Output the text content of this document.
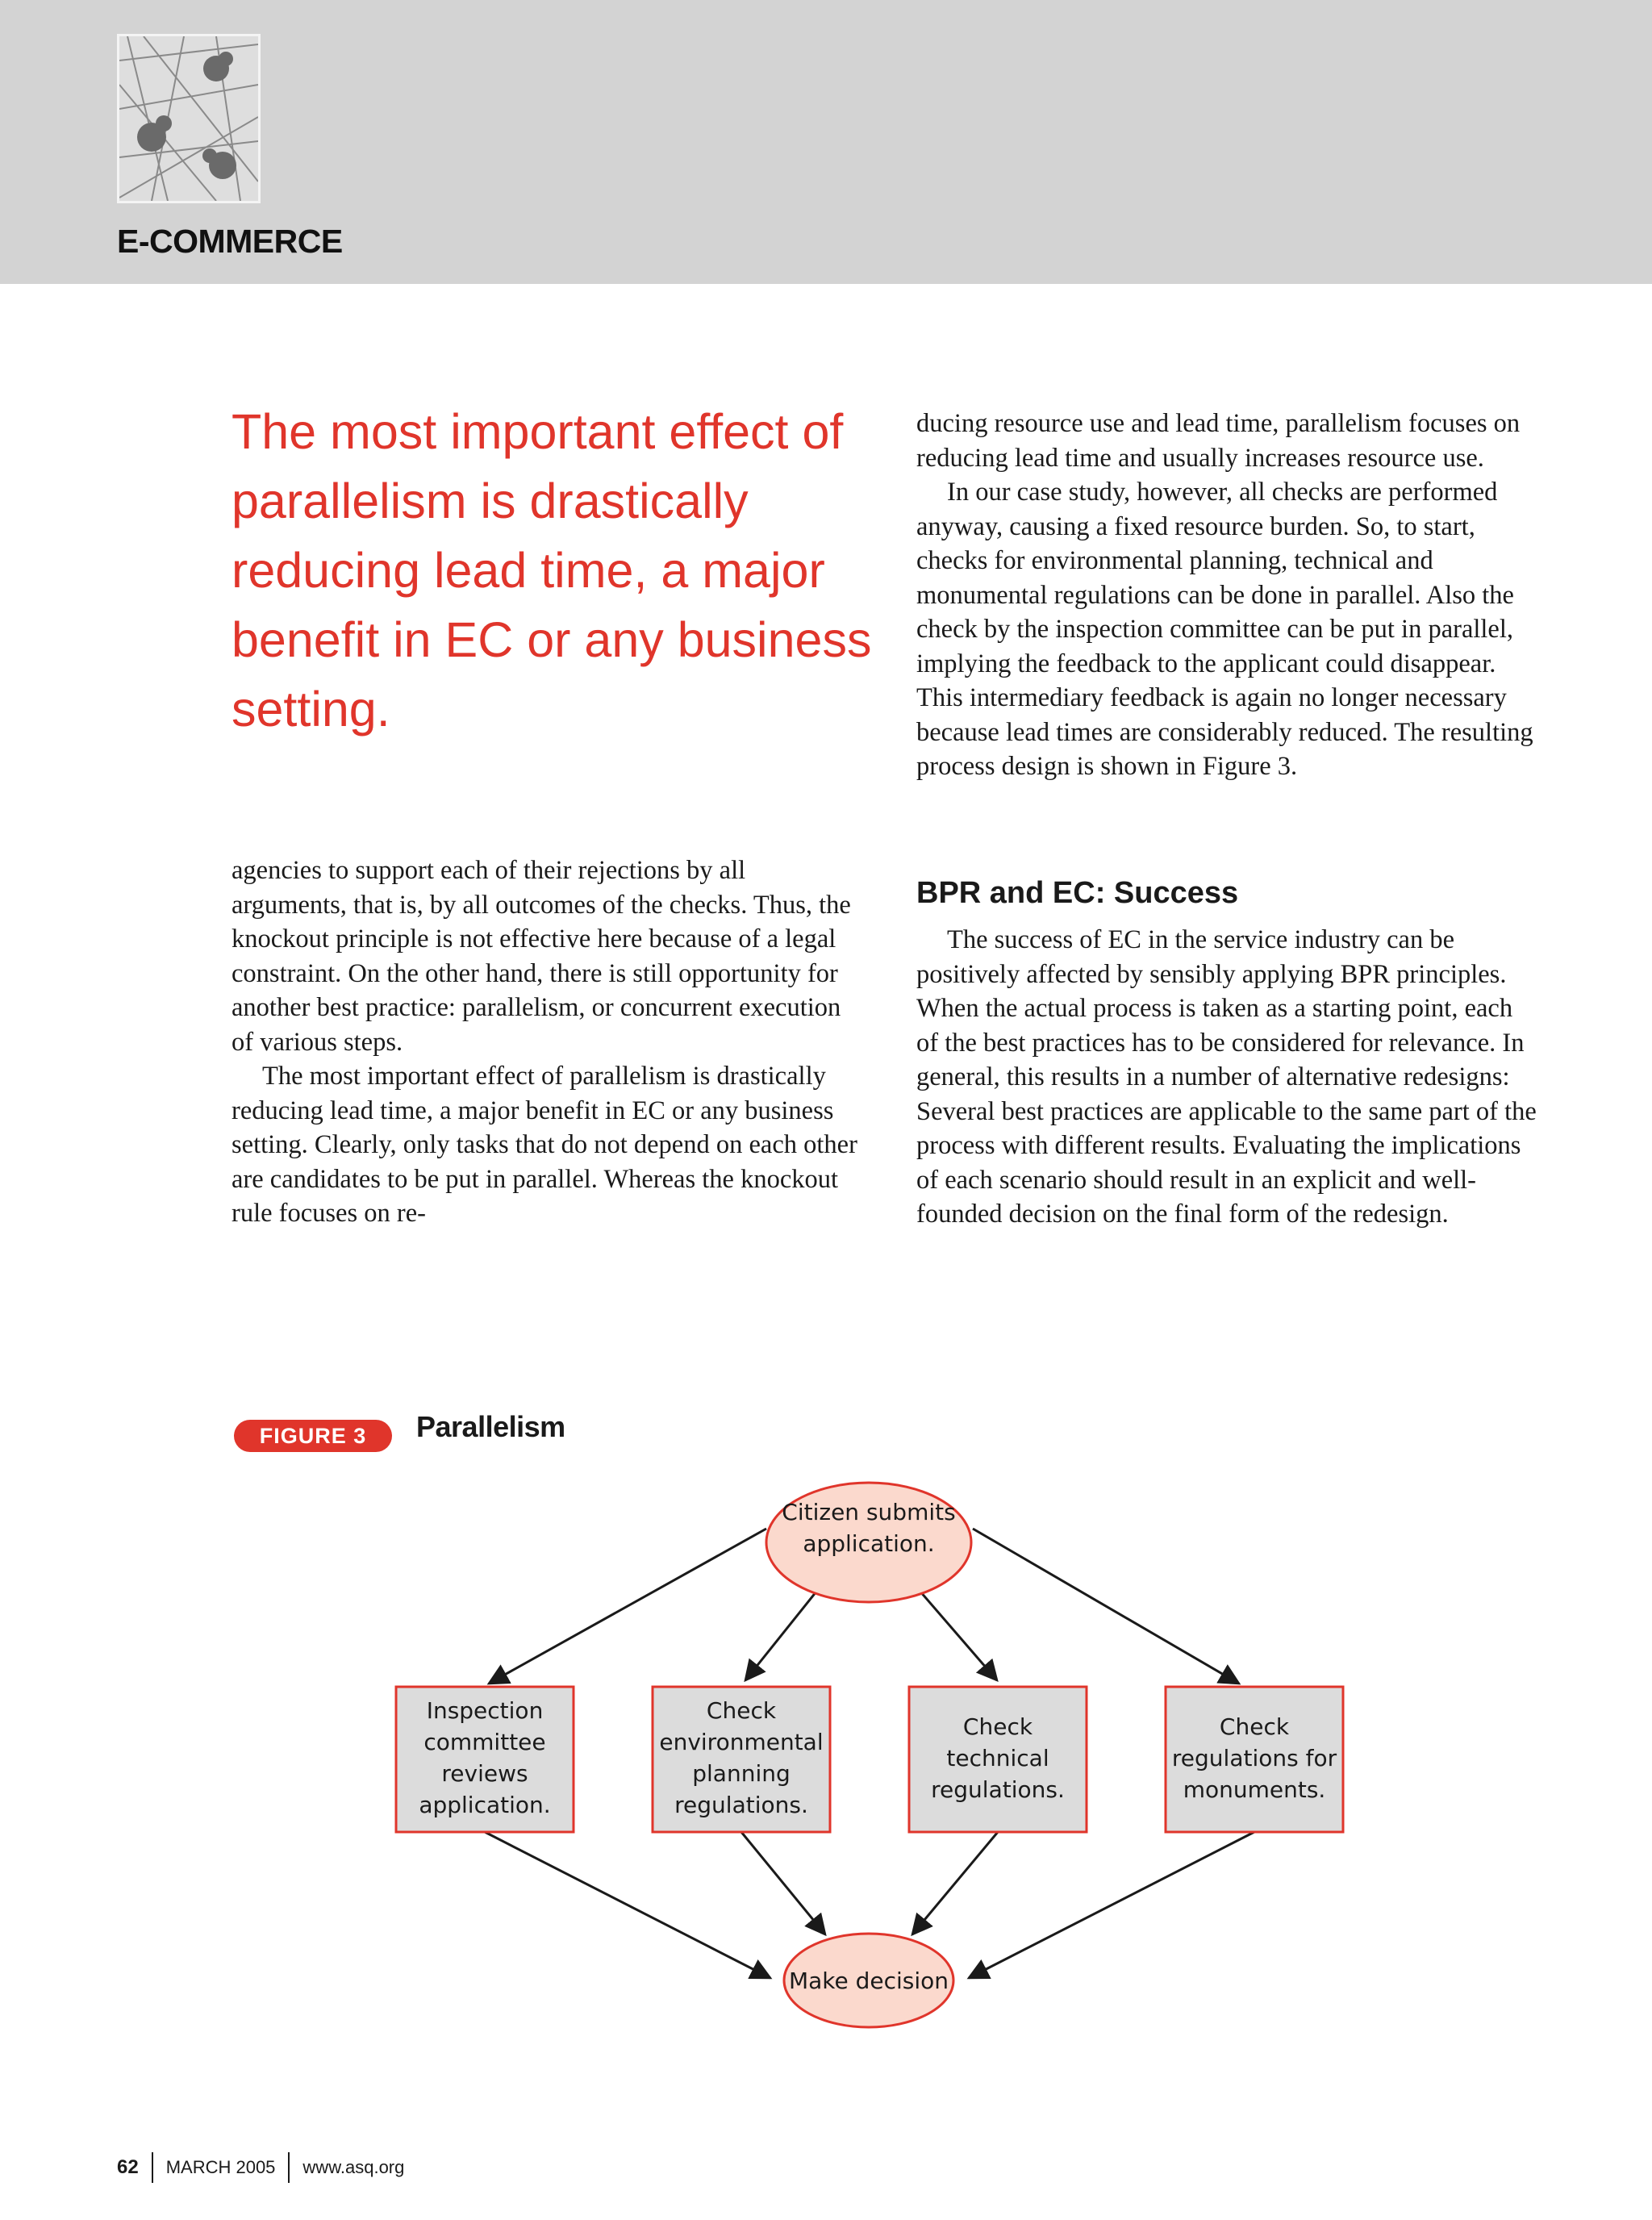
E-COMMERCE
The most important effect of parallelism is drastically reducing lead time, a major benefit in EC or any business setting.

agencies to support each of their rejections by all arguments, that is, by all outcomes of the checks. Thus, the knockout principle is not effective here because of a legal constraint. On the other hand, there is still opportunity for another best practice: parallelism, or concurrent execution of various steps.

The most important effect of parallelism is drastically reducing lead time, a major benefit in EC or any business setting. Clearly, only tasks that do not depend on each other are candidates to be put in parallel. Whereas the knockout rule focuses on re-

ducing resource use and lead time, parallelism focuses on reducing lead time and usually increases resource use.

In our case study, however, all checks are performed anyway, causing a fixed resource burden. So, to start, checks for environmental planning, technical and monumental regulations can be done in parallel. Also the check by the inspection committee can be put in parallel, implying the feedback to the applicant could disappear. This intermediary feedback is again no longer necessary because lead times are considerably reduced. The resulting process design is shown in Figure 3.

BPR and EC: Success

The success of EC in the service industry can be positively affected by sensibly applying BPR principles. When the actual process is taken as a starting point, each of the best practices has to be considered for relevance. In general, this results in a number of alternative redesigns: Several best practices are applicable to the same part of the process with different results. Evaluating the implications of each scenario should result in an explicit and well-founded decision on the final form of the redesign.

FIGURE 3	Parallelism
Citizen submits
application.
Inspection
committee
reviews
application.
Check
environmental
planning
regulations.
Check
technical
regulations.
Check
regulations for
monuments.
Make decision
62 MARCH 2005 www.asq.org
